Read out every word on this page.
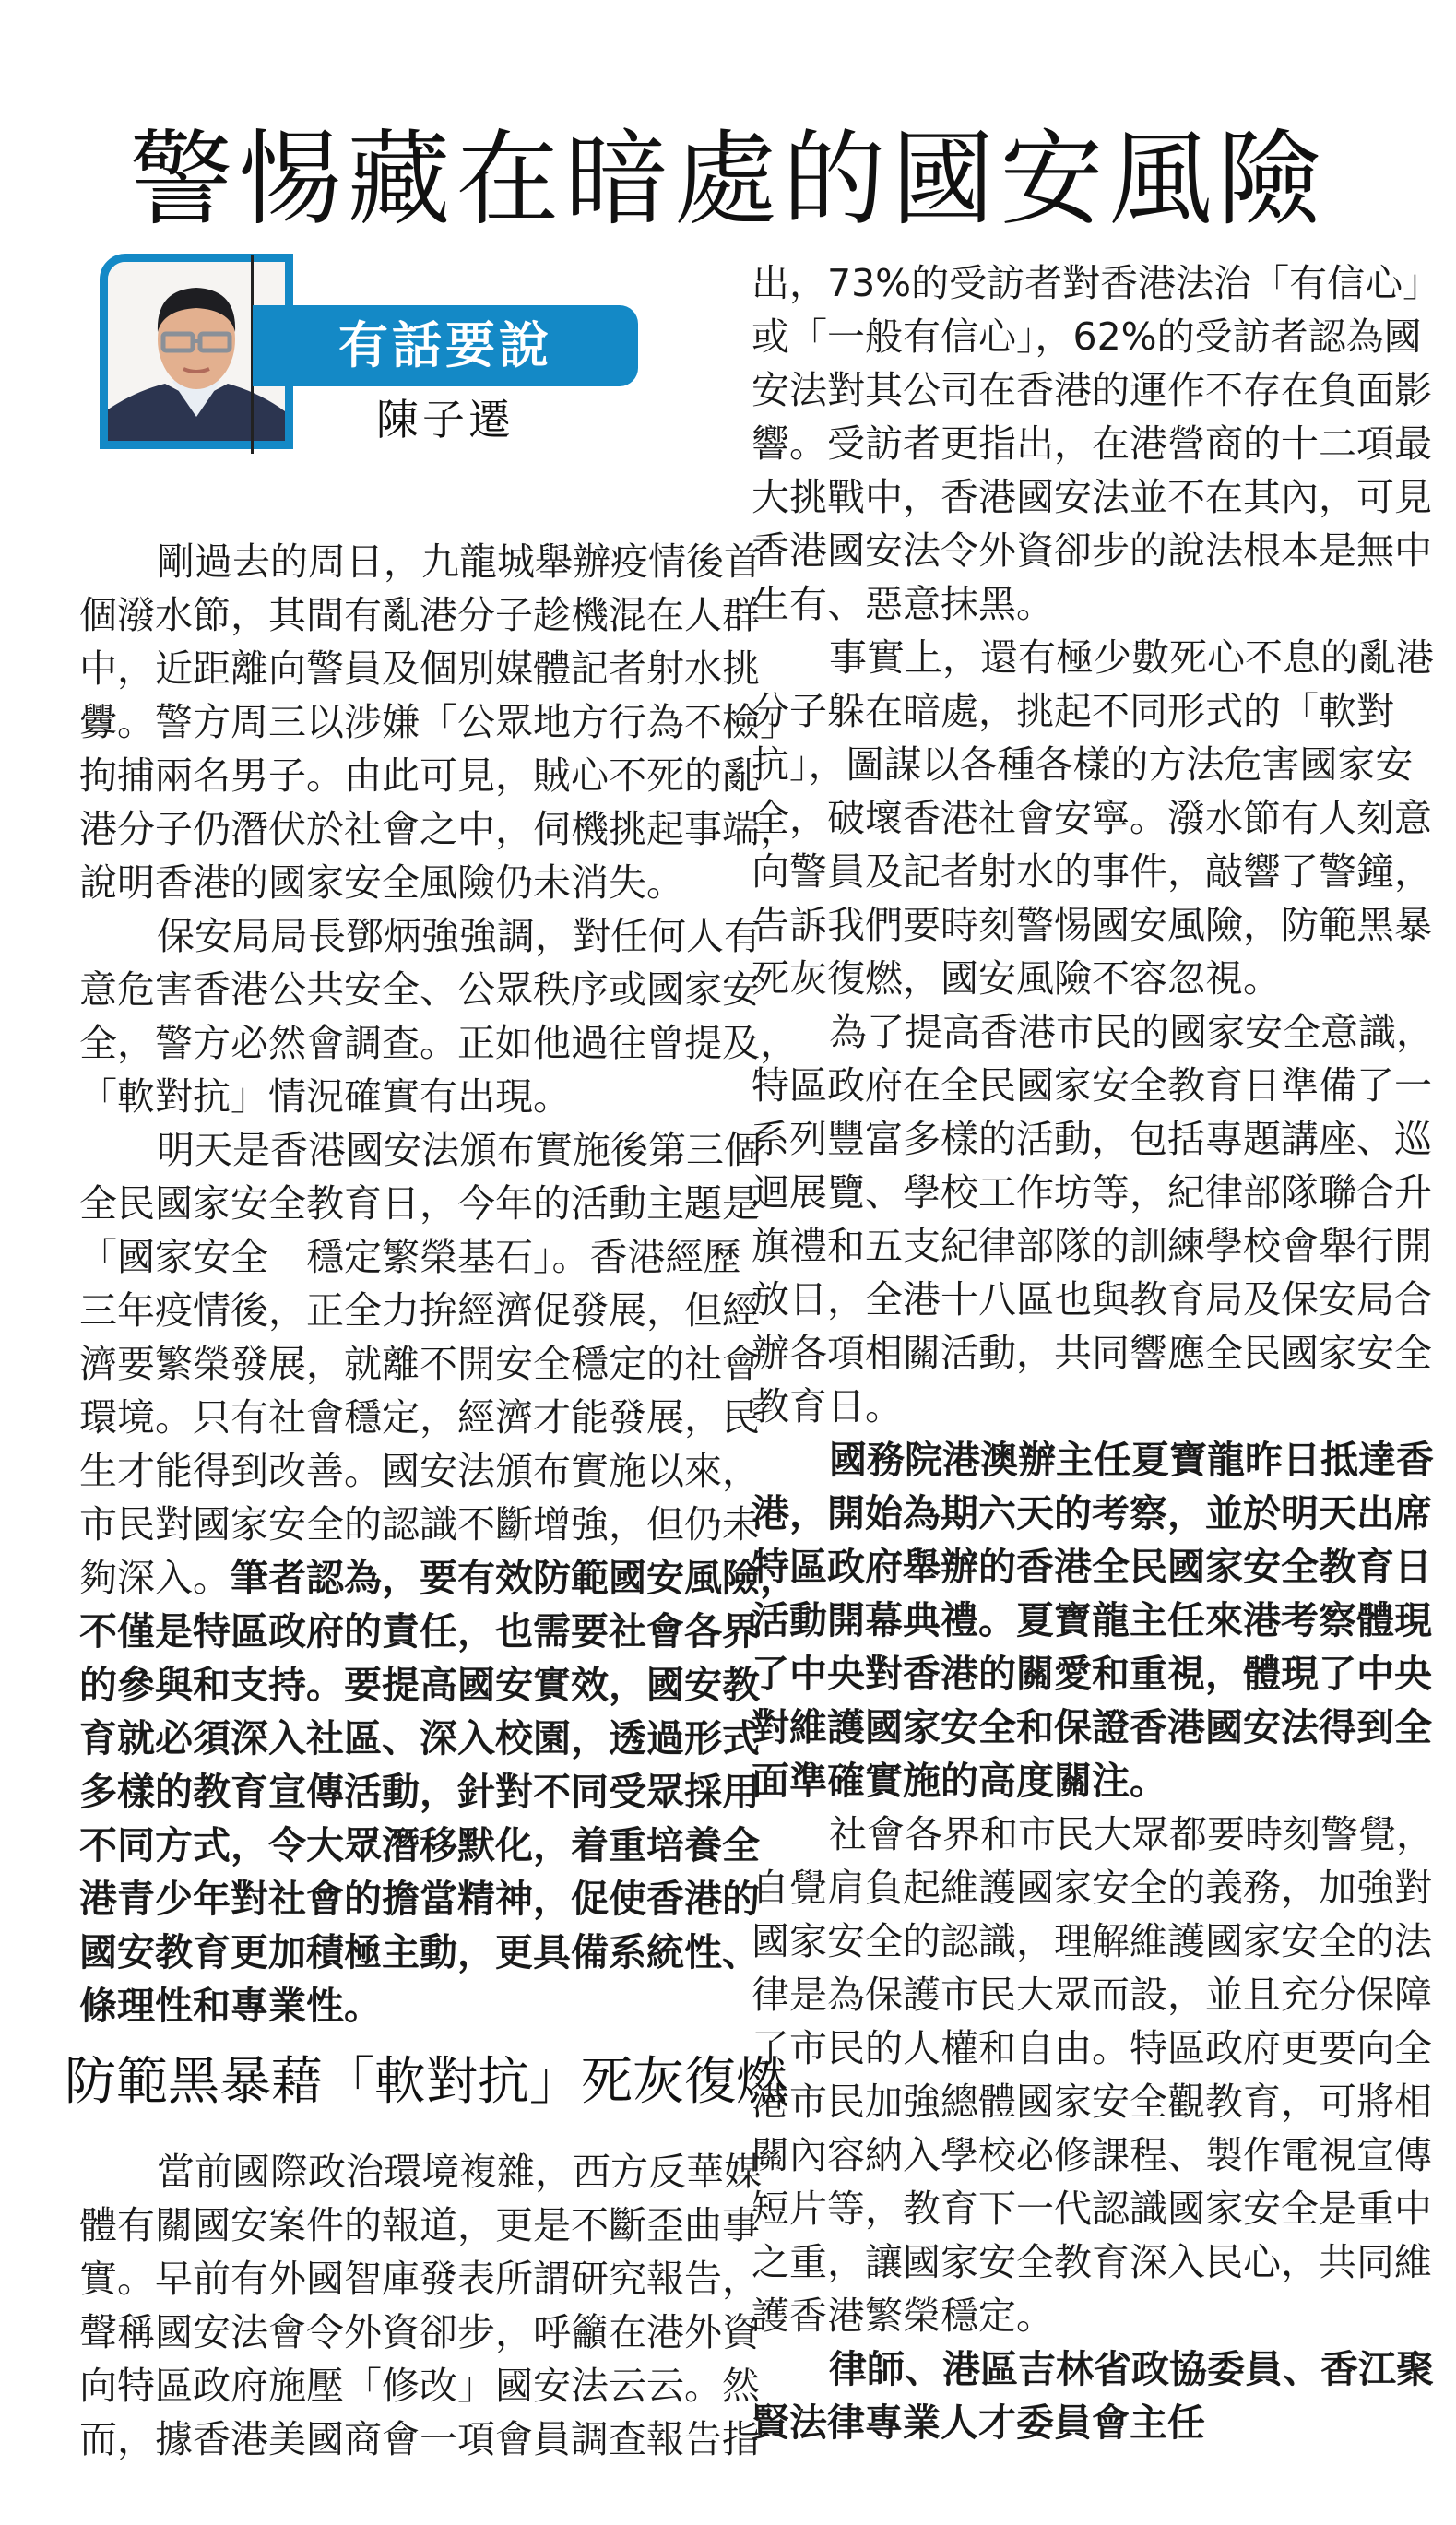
警惕藏在暗處的國安風險
有話要說
陳子遷
剛過去的周日，九龍城舉辦疫情後首
個潑水節，其間有亂港分子趁機混在人群
中，近距離向警員及個別媒體記者射水挑
釁。警方周三以涉嫌「公眾地方行為不檢」
拘捕兩名男子。由此可見，賊心不死的亂
港分子仍潛伏於社會之中，伺機挑起事端，
說明香港的國家安全風險仍未消失。
保安局局長鄧炳強強調，對任何人有
意危害香港公共安全、公眾秩序或國家安
全，警方必然會調查。正如他過往曾提及，
「軟對抗」情況確實有出現。
明天是香港國安法頒布實施後第三個
全民國家安全教育日，今年的活動主題是
「國家安全　穩定繁榮基石」。香港經歷
三年疫情後，正全力拚經濟促發展，但經
濟要繁榮發展，就離不開安全穩定的社會
環境。只有社會穩定，經濟才能發展，民
生才能得到改善。國安法頒布實施以來，
市民對國家安全的認識不斷增強，但仍未
夠深入。筆者認為，要有效防範國安風險，
不僅是特區政府的責任，也需要社會各界
的參與和支持。要提高國安實效，國安教
育就必須深入社區、深入校園，透過形式
多樣的教育宣傳活動，針對不同受眾採用
不同方式，令大眾潛移默化，着重培養全
港青少年對社會的擔當精神，促使香港的
國安教育更加積極主動，更具備系統性、
條理性和專業性。
防範黑暴藉「軟對抗」死灰復燃
當前國際政治環境複雜，西方反華媒
體有關國安案件的報道，更是不斷歪曲事
實。早前有外國智庫發表所謂研究報告，
聲稱國安法會令外資卻步，呼籲在港外資
向特區政府施壓「修改」國安法云云。然
而，據香港美國商會一項會員調查報告指
出，73%的受訪者對香港法治「有信心」
或「一般有信心」，62%的受訪者認為國
安法對其公司在香港的運作不存在負面影
響。受訪者更指出，在港營商的十二項最
大挑戰中，香港國安法並不在其內，可見
香港國安法令外資卻步的說法根本是無中
生有、惡意抹黑。
事實上，還有極少數死心不息的亂港
分子躲在暗處，挑起不同形式的「軟對
抗」，圖謀以各種各樣的方法危害國家安
全，破壞香港社會安寧。潑水節有人刻意
向警員及記者射水的事件，敲響了警鐘，
告訴我們要時刻警惕國安風險，防範黑暴
死灰復燃，國安風險不容忽視。
為了提高香港市民的國家安全意識，
特區政府在全民國家安全教育日準備了一
系列豐富多樣的活動，包括專題講座、巡
迴展覽、學校工作坊等，紀律部隊聯合升
旗禮和五支紀律部隊的訓練學校會舉行開
放日，全港十八區也與教育局及保安局合
辦各項相關活動，共同響應全民國家安全
教育日。
國務院港澳辦主任夏寶龍昨日抵達香
港，開始為期六天的考察，並於明天出席
特區政府舉辦的香港全民國家安全教育日
活動開幕典禮。夏寶龍主任來港考察體現
了中央對香港的關愛和重視，體現了中央
對維護國家安全和保證香港國安法得到全
面準確實施的高度關注。
社會各界和市民大眾都要時刻警覺，
自覺肩負起維護國家安全的義務，加強對
國家安全的認識，理解維護國家安全的法
律是為保護市民大眾而設，並且充分保障
了市民的人權和自由。特區政府更要向全
港市民加強總體國家安全觀教育，可將相
關內容納入學校必修課程、製作電視宣傳
短片等，教育下一代認識國家安全是重中
之重，讓國家安全教育深入民心，共同維
護香港繁榮穩定。
律師、港區吉林省政協委員、香江聚
賢法律專業人才委員會主任
